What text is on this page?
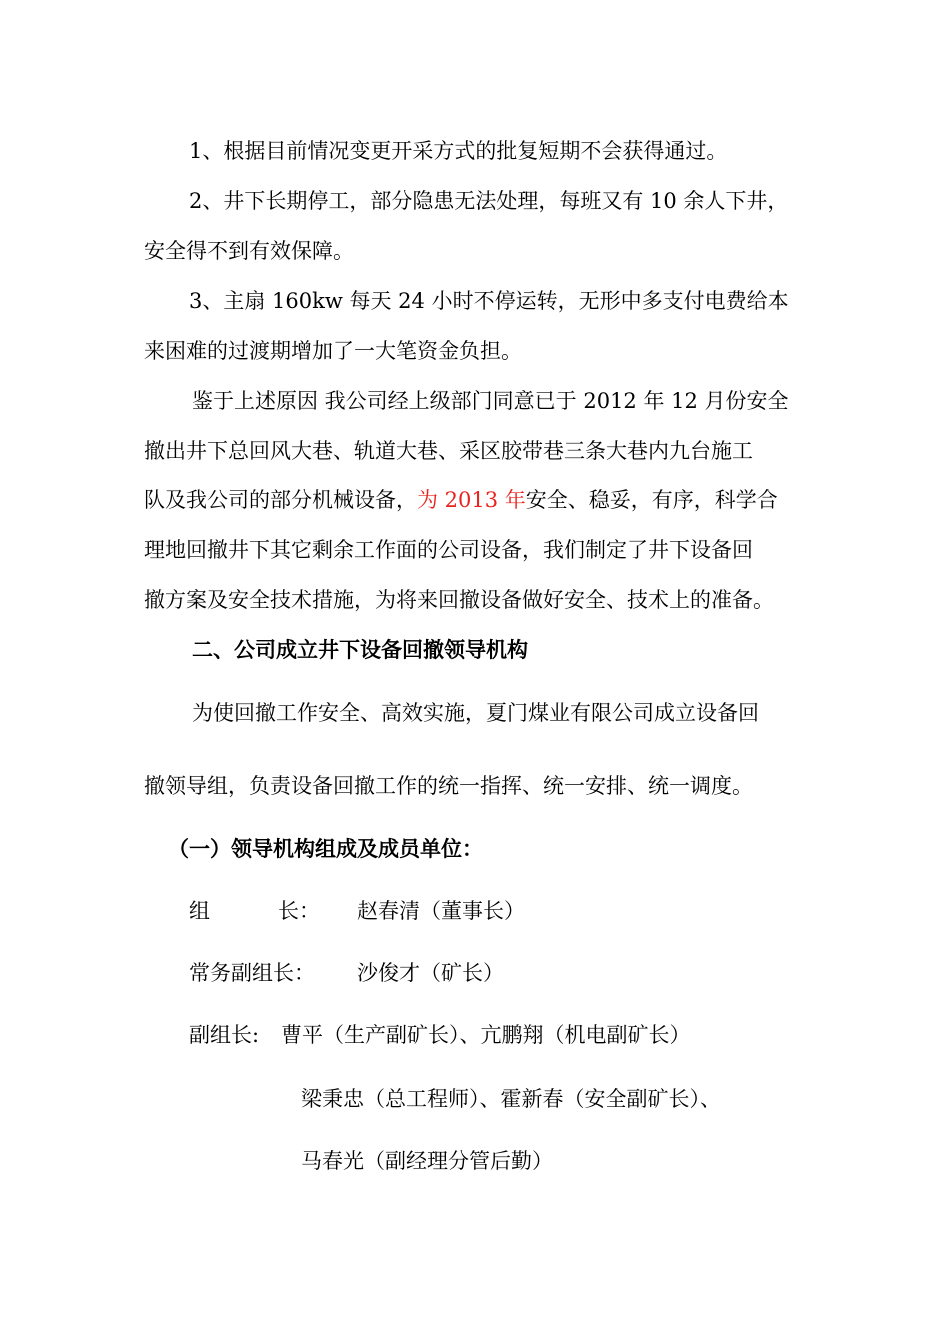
1、根据目前情况变更开采方式的批复短期不会获得通过。
2、井下长期停工，部分隐患无法处理，每班又有 10 余人下井，
安全得不到有效保障。
3、主扇 160kw 每天 24 小时不停运转，无形中多支付电费给本
来困难的过渡期增加了一大笔资金负担。
鉴于上述原因 我公司经上级部门同意已于 2012 年 12 月份安全
撤出井下总回风大巷、轨道大巷、采区胶带巷三条大巷内九台施工
队及我公司的部分机械设备，为 2013 年安全、稳妥，有序，科学合
理地回撤井下其它剩余工作面的公司设备，我们制定了井下设备回
撤方案及安全技术措施，为将来回撤设备做好安全、技术上的准备。
二、公司成立井下设备回撤领导机构
为使回撤工作安全、高效实施，夏门煤业有限公司成立设备回
撤领导组，负责设备回撤工作的统一指挥、统一安排、统一调度。
（一）领导机构组成及成员单位：
组	长： 赵春清（董事长）
常务副组长： 沙俊才（矿长）
副组长: 曹平（生产副矿长）、亢鹏翔（机电副矿长）
梁秉忠（总工程师）、霍新春（安全副矿长）、
马春光（副经理分管后勤）
